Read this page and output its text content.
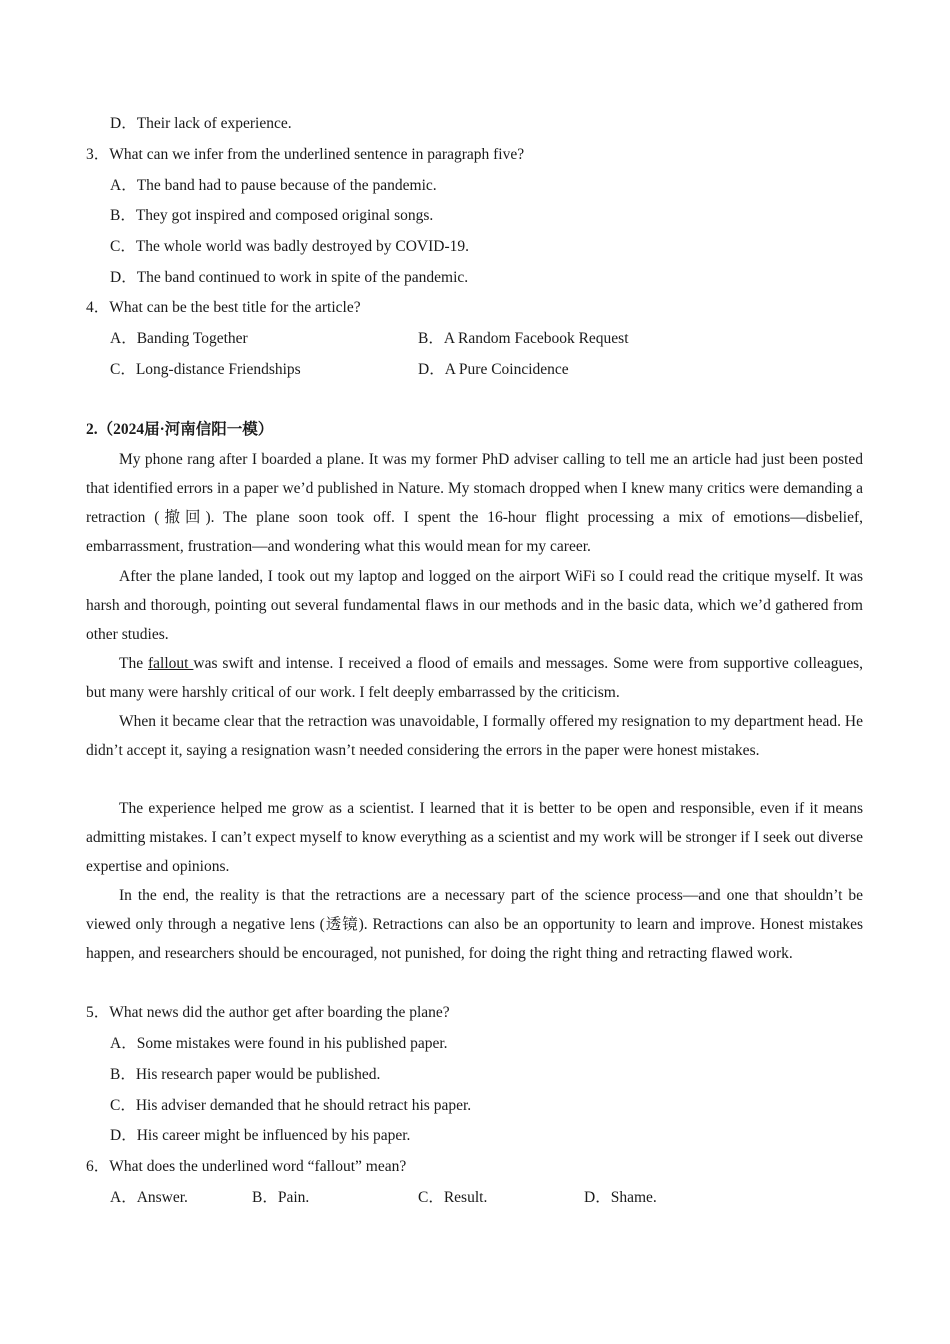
D．Their lack of experience.
3．What can we infer from the underlined sentence in paragraph five?
A．The band had to pause because of the pandemic.
B．They got inspired and composed original songs.
C．The whole world was badly destroyed by COVID-19.
D．The band continued to work in spite of the pandemic.
4．What can be the best title for the article?
A．Banding Together	B．A Random Facebook Request
C．Long-distance Friendships	D．A Pure Coincidence
2.（2024届·河南信阳一模）
My phone rang after I boarded a plane. It was my former PhD adviser calling to tell me an article had just been posted that identified errors in a paper we’d published in Nature. My stomach dropped when I knew many critics were demanding a retraction (撤回). The plane soon took off. I spent the 16-hour flight processing a mix of emotions—disbelief, embarrassment, frustration—and wondering what this would mean for my career.
After the plane landed, I took out my laptop and logged on the airport WiFi so I could read the critique myself. It was harsh and thorough, pointing out several fundamental flaws in our methods and in the basic data, which we’d gathered from other studies.
The fallout was swift and intense. I received a flood of emails and messages. Some were from supportive colleagues, but many were harshly critical of our work. I felt deeply embarrassed by the criticism.
When it became clear that the retraction was unavoidable, I formally offered my resignation to my department head. He didn’t accept it, saying a resignation wasn’t needed considering the errors in the paper were honest mistakes.
The experience helped me grow as a scientist. I learned that it is better to be open and responsible, even if it means admitting mistakes. I can’t expect myself to know everything as a scientist and my work will be stronger if I seek out diverse expertise and opinions.
In the end, the reality is that the retractions are a necessary part of the science process—and one that shouldn’t be viewed only through a negative lens (透镜). Retractions can also be an opportunity to learn and improve. Honest mistakes happen, and researchers should be encouraged, not punished, for doing the right thing and retracting flawed work.
5．What news did the author get after boarding the plane?
A．Some mistakes were found in his published paper.
B．His research paper would be published.
C．His adviser demanded that he should retract his paper.
D．His career might be influenced by his paper.
6．What does the underlined word “fallout” mean?
A．Answer.	B．Pain.	C．Result.	D．Shame.
